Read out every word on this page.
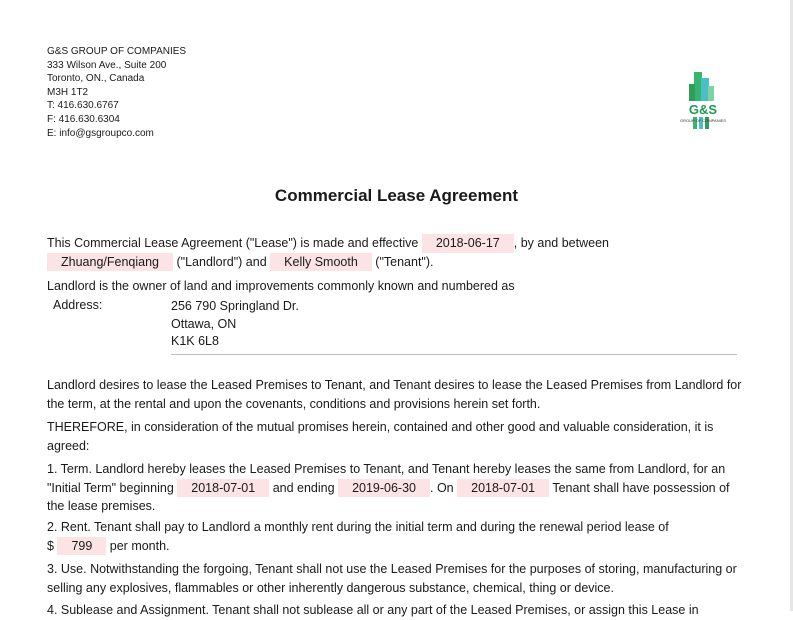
G&S GROUP OF COMPANIES
333 Wilson Ave., Suite 200
Toronto, ON., Canada
M3H 1T2
T: 416.630.6767
F: 416.630.6304
E: info@gsgroupco.com
G&S
GROUP OF COMPANIES
Commercial Lease Agreement
This Commercial Lease Agreement ("Lease") is made and effective 2018-06-17 , by and between
Zhuang/Fenqiang ("Landlord") and Kelly Smooth ("Tenant").
Landlord is the owner of land and improvements commonly known and numbered as
Address:	256 790 Springland Dr.
Ottawa, ON
K1K 6L8
Landlord desires to lease the Leased Premises to Tenant, and Tenant desires to lease the Leased Premises from Landlord for the term, at the rental and upon the covenants, conditions and provisions herein set forth.
THEREFORE, in consideration of the mutual promises herein, contained and other good and valuable consideration, it is agreed:
1. Term. Landlord hereby leases the Leased Premises to Tenant, and Tenant hereby leases the same from Landlord, for an "Initial Term" beginning 2018-07-01 and ending 2019-06-30 . On 2018-07-01 Tenant shall have possession of the lease premises.
2. Rent. Tenant shall pay to Landlord a monthly rent during the initial term and during the renewal period lease of
$ 799 per month.
3. Use. Notwithstanding the forgoing, Tenant shall not use the Leased Premises for the purposes of storing, manufacturing or selling any explosives, flammables or other inherently dangerous substance, chemical, thing or device.
4. Sublease and Assignment. Tenant shall not sublease all or any part of the Leased Premises, or assign this Lease in
